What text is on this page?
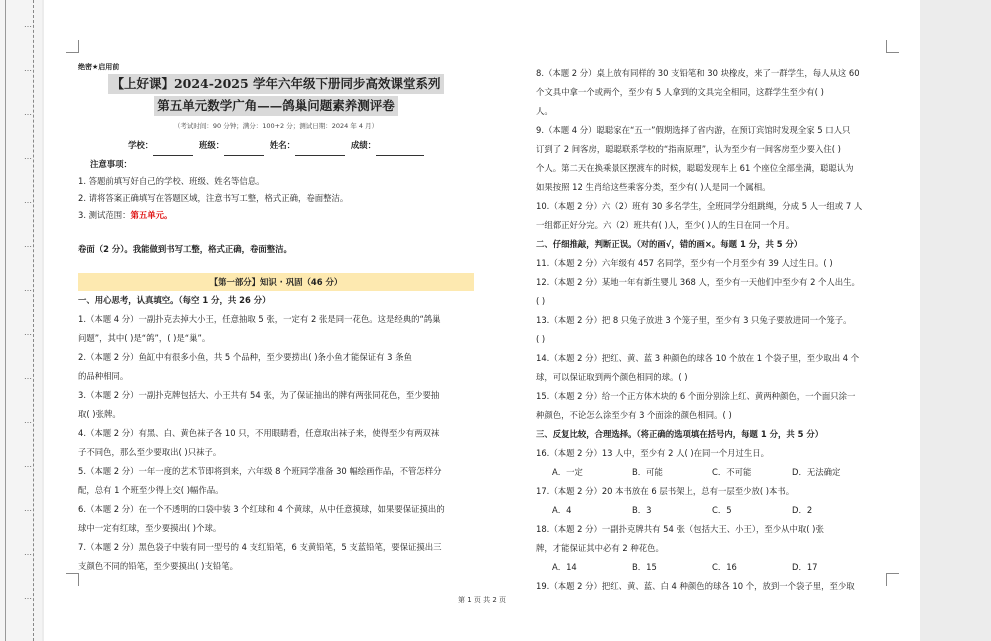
…
…
…
…
…
…
…
…
…
…
…
…
…
…

绝密★启用前

【上好课】2024-2025 学年六年级下册同步高效课堂系列

第五单元数学广角——鸽巢问题素养测评卷

（考试时间：90 分钟；满分：100+2 分；测试日期：2024 年 4 月）

学校：	班级：	姓名：	成绩：

注意事项：

1. 答题前填写好自己的学校、班级、姓名等信息。

2. 请将答案正确填写在答题区域，注意书写工整，格式正确，卷面整洁。

3. 测试范围：第五单元。

卷面（2 分）。我能做到书写工整，格式正确，卷面整洁。

【第一部分】知识 · 巩固（46 分）

一、用心思考，认真填空。（每空 1 分，共 26 分）

1.（本题 4 分）一副扑克去掉大小王，任意抽取 5 张，一定有 2 张是同一花色。这是经典的“鸽巢

问题”，其中( )是“鸽”，( )是“巢”。

2.（本题 2 分）鱼缸中有很多小鱼，共 5 个品种，至少要捞出( )条小鱼才能保证有 3 条鱼

的品种相同。

3.（本题 2 分）一副扑克牌包括大、小王共有 54 张，为了保证抽出的牌有两张同花色，至少要抽

取( )张牌。

4.（本题 2 分）有黑、白、黄色袜子各 10 只，不用眼睛看，任意取出袜子来，使得至少有两双袜

子不同色，那么至少要取出( )只袜子。

5.（本题 2 分）一年一度的艺术节即将到来，六年级 8 个班同学准备 30 幅绘画作品，不管怎样分

配，总有 1 个班至少得上交( )幅作品。

6.（本题 2 分）在一个不透明的口袋中装 3 个红球和 4 个黄球，从中任意摸球，如果要保证摸出的

球中一定有红球，至少要摸出( )个球。

7.（本题 2 分）黑色袋子中装有同一型号的 4 支红铅笔，6 支黄铅笔，5 支蓝铅笔，要保证摸出三

支颜色不同的铅笔，至少要摸出( )支铅笔。

8.（本题 2 分）桌上放有同样的 30 支铅笔和 30 块橡皮，来了一群学生，每人从这 60

个文具中拿一个或两个，至少有 5 人拿到的文具完全相同，这群学生至少有( )

人。

9.（本题 4 分）聪聪家在“五一”假期选择了省内游，在预订宾馆时发现全家 5 口人只

订到了 2 间客房，聪聪联系学校的“指南原理”，认为至少有一间客房至少要入住( )

个人。第二天在换乘景区摆渡车的时候，聪聪发现车上 61 个座位全部坐满，聪聪认为

如果按照 12 生肖给这些乘客分类，至少有( )人是同一个属相。

10.（本题 2 分）六（2）班有 30 多名学生，全班同学分组跳绳，分成 5 人一组或 7 人

一组都正好分完。六（2）班共有( )人，至少( )人的生日在同一个月。

二、仔细推敲，判断正误。（对的画√，错的画×。每题 1 分，共 5 分）

11.（本题 2 分）六年级有 457 名同学，至少有一个月至少有 39 人过生日。( )

12.（本题 2 分）某地一年有新生婴儿 368 人，至少有一天他们中至少有 2 个人出生。

( )

13.（本题 2 分）把 8 只兔子放进 3 个笼子里，至少有 3 只兔子要放进同一个笼子。

( )

14.（本题 2 分）把红、黄、蓝 3 种颜色的球各 10 个放在 1 个袋子里，至少取出 4 个

球，可以保证取到两个颜色相同的球。( )

15.（本题 2 分）给一个正方体木块的 6 个面分别涂上红、黄两种颜色，一个面只涂一

种颜色，不论怎么涂至少有 3 个面涂的颜色相同。( )

三、反复比较，合理选择。（将正确的选项填在括号内，每题 1 分，共 5 分）

16.（本题 2 分）13 人中，至少有 2 人( )在同一个月过生日。

A．一定	B．可能	C．不可能	D．无法确定

17.（本题 2 分）20 本书放在 6 层书架上，总有一层至少放( )本书。

A．4	B．3	C．5	D．2

18.（本题 2 分）一副扑克牌共有 54 张（包括大王、小王），至少从中取( )张

牌，才能保证其中必有 2 种花色。

A．14	B．15	C．16	D．17

19.（本题 2 分）把红、黄、蓝、白 4 种颜色的球各 10 个，放到一个袋子里，至少取

第 1 页 共 2 页
